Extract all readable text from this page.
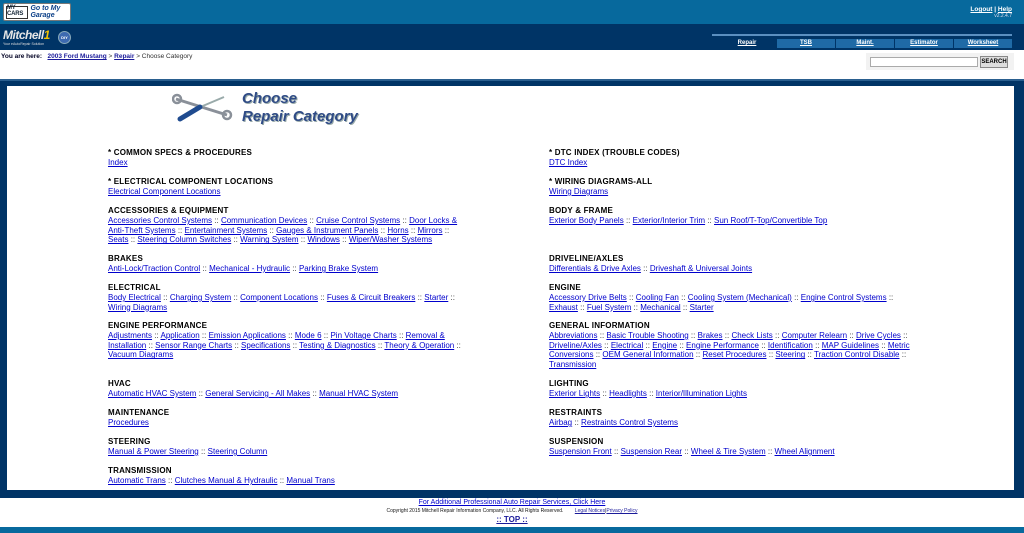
MY CARS
Go to My Garage
Logout | Help
v2.2.4.7
Mitchell1
Your eAutoRepair Solution
DIY
Repair	TSB	Maint.	Estimator	Worksheet
You are here: 2003 Ford Mustang > Repair > Choose Category
SEARCH
Choose
Repair Category
* COMMON SPECS & PROCEDURES
Index
* ELECTRICAL COMPONENT LOCATIONS
Electrical Component Locations
ACCESSORIES & EQUIPMENT
Accessories Control Systems :: Communication Devices :: Cruise Control Systems :: Door Locks & Anti-Theft Systems :: Entertainment Systems :: Gauges & Instrument Panels :: Horns :: Mirrors :: Seats :: Steering Column Switches :: Warning System :: Windows :: Wiper/Washer Systems
BRAKES
Anti-Lock/Traction Control :: Mechanical - Hydraulic :: Parking Brake System
ELECTRICAL
Body Electrical :: Charging System :: Component Locations :: Fuses & Circuit Breakers :: Starter :: Wiring Diagrams
ENGINE PERFORMANCE
Adjustments :: Application :: Emission Applications :: Mode 6 :: Pin Voltage Charts :: Removal & Installation :: Sensor Range Charts :: Specifications :: Testing & Diagnostics :: Theory & Operation :: Vacuum Diagrams
HVAC
Automatic HVAC System :: General Servicing - All Makes :: Manual HVAC System
MAINTENANCE
Procedures
STEERING
Manual & Power Steering :: Steering Column
TRANSMISSION
Automatic Trans :: Clutches Manual & Hydraulic :: Manual Trans
* DTC INDEX (TROUBLE CODES)
DTC Index
* WIRING DIAGRAMS-ALL
Wiring Diagrams
BODY & FRAME
Exterior Body Panels :: Exterior/Interior Trim :: Sun Roof/T-Top/Convertible Top
DRIVELINE/AXLES
Differentials & Drive Axles :: Driveshaft & Universal Joints
ENGINE
Accessory Drive Belts :: Cooling Fan :: Cooling System (Mechanical) :: Engine Control Systems :: Exhaust :: Fuel System :: Mechanical :: Starter
GENERAL INFORMATION
Abbreviations :: Basic Trouble Shooting :: Brakes :: Check Lists :: Computer Relearn :: Drive Cycles :: Driveline/Axles :: Electrical :: Engine :: Engine Performance :: Identification :: MAP Guidelines :: Metric Conversions :: OEM General Information :: Reset Procedures :: Steering :: Traction Control Disable :: Transmission
LIGHTING
Exterior Lights :: Headlights :: Interior/Illumination Lights
RESTRAINTS
Airbag :: Restraints Control Systems
SUSPENSION
Suspension Front :: Suspension Rear :: Wheel & Tire System :: Wheel Alignment
For Additional Professional Auto Repair Services, Click Here
Copyright 2015 Mitchell Repair Information Company, LLC. All Rights Reserved. Legal Notices|Privacy Policy
:: TOP ::
